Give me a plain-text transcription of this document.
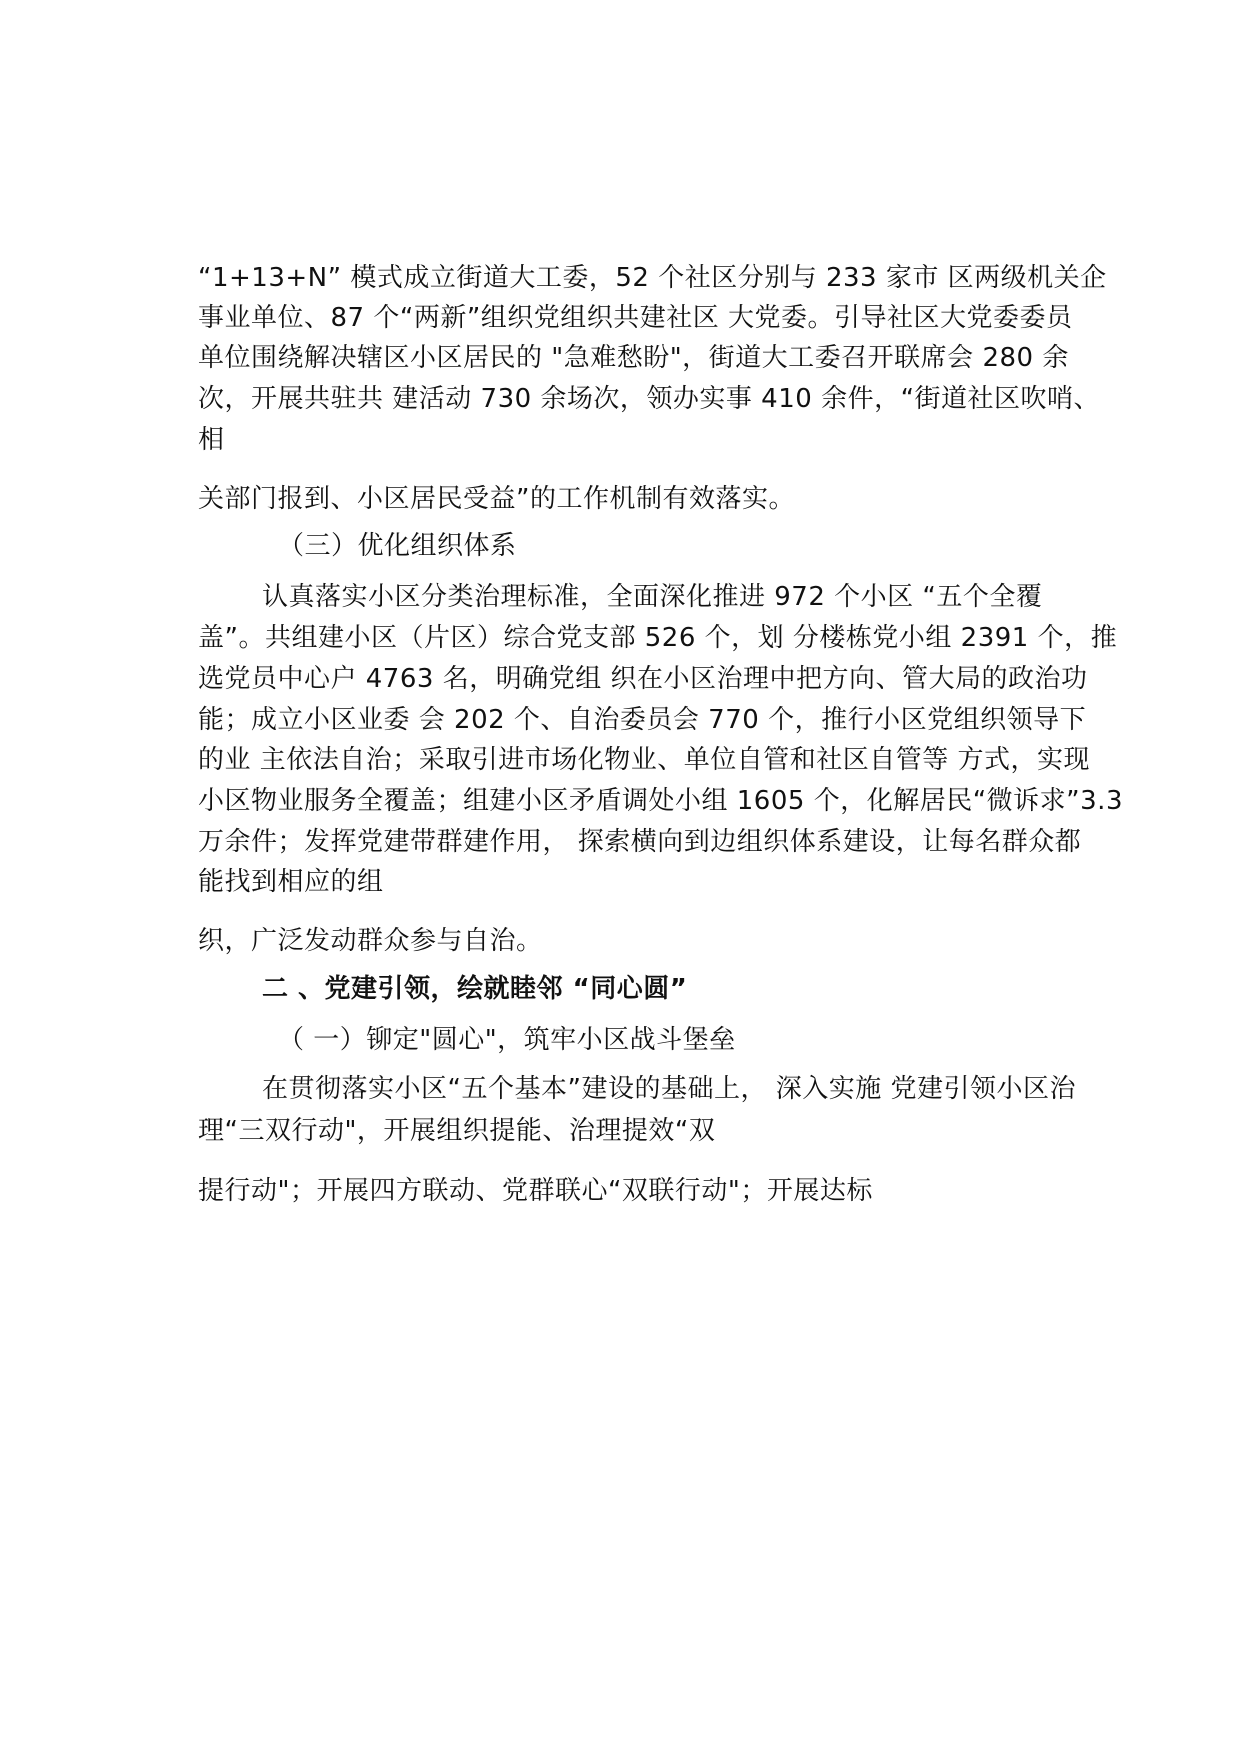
“1+13+N” 模式成立街道大工委，52 个社区分别与 233 家市 区两级机关企
事业单位、87 个“两新”组织党组织共建社区 大党委。引导社区大党委委员
单位围绕解决辖区小区居民的 "急难愁盼"，街道大工委召开联席会 280 余
次，开展共驻共 建活动 730 余场次，领办实事 410 余件，“街道社区吹哨、
相
关部门报到、小区居民受益”的工作机制有效落实。
（三）优化组织体系
认真落实小区分类治理标准，全面深化推进 972 个小区 “五个全覆
盖”。共组建小区（片区）综合党支部 526 个，划 分楼栋党小组 2391 个，推
选党员中心户 4763 名，明确党组 织在小区治理中把方向、管大局的政治功
能；成立小区业委 会 202 个、自治委员会 770 个，推行小区党组织领导下
的业 主依法自治；采取引进市场化物业、单位自管和社区自管等 方式，实现
小区物业服务全覆盖；组建小区矛盾调处小组 1605 个，化解居民“微诉求”3.3
万余件；发挥党建带群建作用， 探索横向到边组织体系建设，让每名群众都
能找到相应的组
织，广泛发动群众参与自治。
二 、党建引领，绘就睦邻 “同心圆”
（ 一）铆定"圆心"，筑牢小区战斗堡垒
在贯彻落实小区“五个基本”建设的基础上， 深入实施 党建引领小区治
理“三双行动"，开展组织提能、治理提效“双
提行动"；开展四方联动、党群联心“双联行动"；开展达标
